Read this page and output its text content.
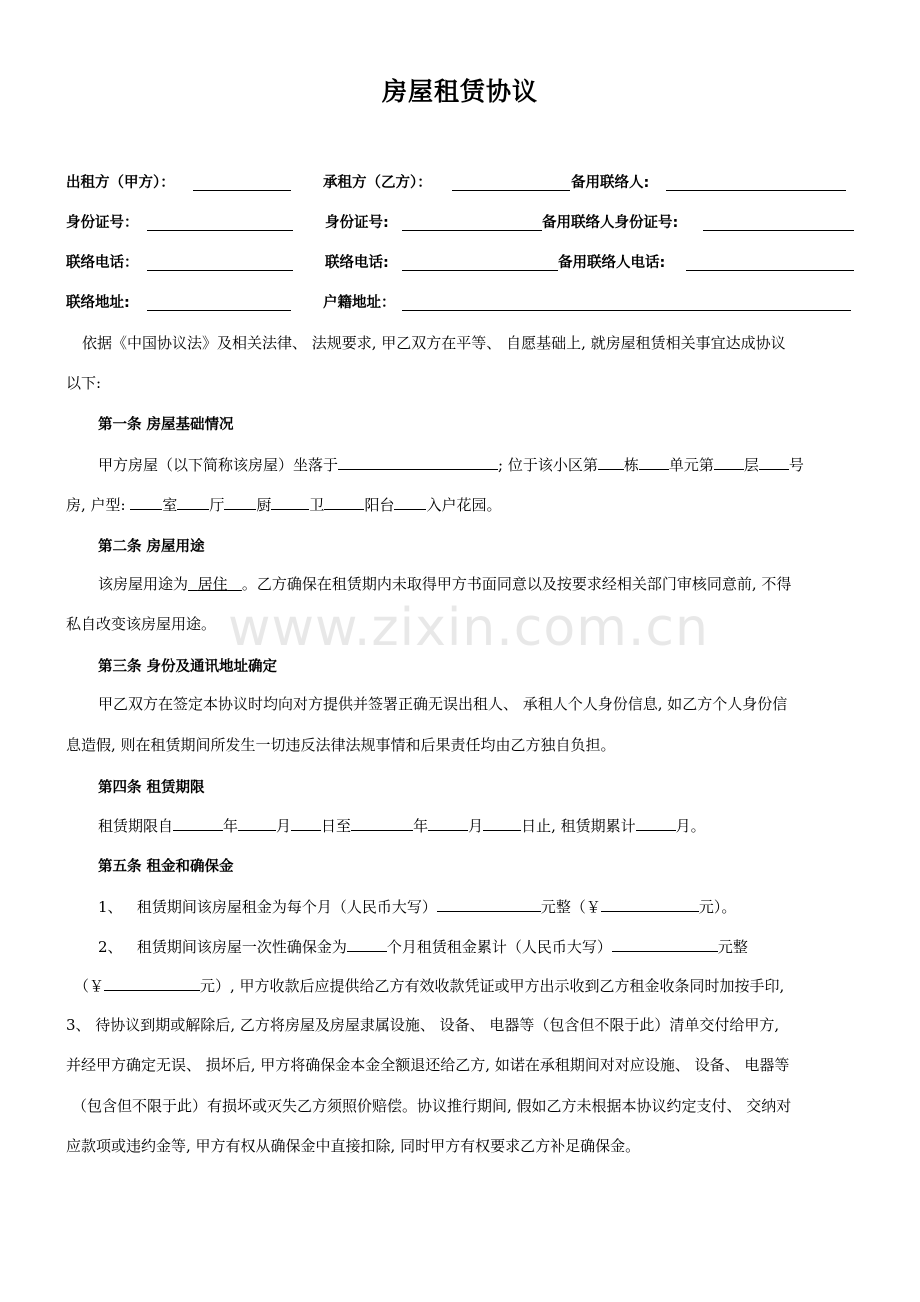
www.zixin.com.cn
房屋租赁协议
出租方（甲方）：	承租方（乙方）：	备用联络人:
身份证号：	身份证号:	备用联络人身份证号:
联络电话：	联络电话:	备用联络人电话:
联络地址:	户籍地址：
依据《中国协议法》及相关法律、 法规要求, 甲乙双方在平等、 自愿基础上, 就房屋租赁相关事宜达成协议
以下:
第一条 房屋基础情况
甲方房屋（以下简称该房屋）坐落于	; 位于该小区第 栋 单元第 层 号
房, 户型: 室 厅 厨	卫	阳台 入户花园。
第二条 房屋用途
该房屋用途为 居住 。乙方确保在租赁期内未取得甲方书面同意以及按要求经相关部门审核同意前, 不得
私自改变该房屋用途。
第三条 身份及通讯地址确定
甲乙双方在签定本协议时均向对方提供并签署正确无误出租人、 承租人个人身份信息, 如乙方个人身份信
息造假, 则在租赁期间所发生一切违反法律法规事情和后果责任均由乙方独自负担。
第四条 租赁期限
租赁期限自	年	月 日至	年	月	日止, 租赁期累计	月。
第五条 租金和确保金
1、 租赁期间该房屋租金为每个月（人民币大写）	元整（￥	元）。
2、 租赁期间该房屋一次性确保金为	个月租赁租金累计（人民币大写）	元整
（￥	元）, 甲方收款后应提供给乙方有效收款凭证或甲方出示收到乙方租金收条同时加按手印,
3、 待协议到期或解除后, 乙方将房屋及房屋隶属设施、 设备、 电器等（包含但不限于此）清单交付给甲方,
并经甲方确定无误、 损坏后, 甲方将确保金本金全额退还给乙方, 如诺在承租期间对对应设施、 设备、 电器等
（包含但不限于此）有损坏或灭失乙方须照价赔偿。协议推行期间, 假如乙方未根据本协议约定支付、 交纳对
应款项或违约金等, 甲方有权从确保金中直接扣除, 同时甲方有权要求乙方补足确保金。
